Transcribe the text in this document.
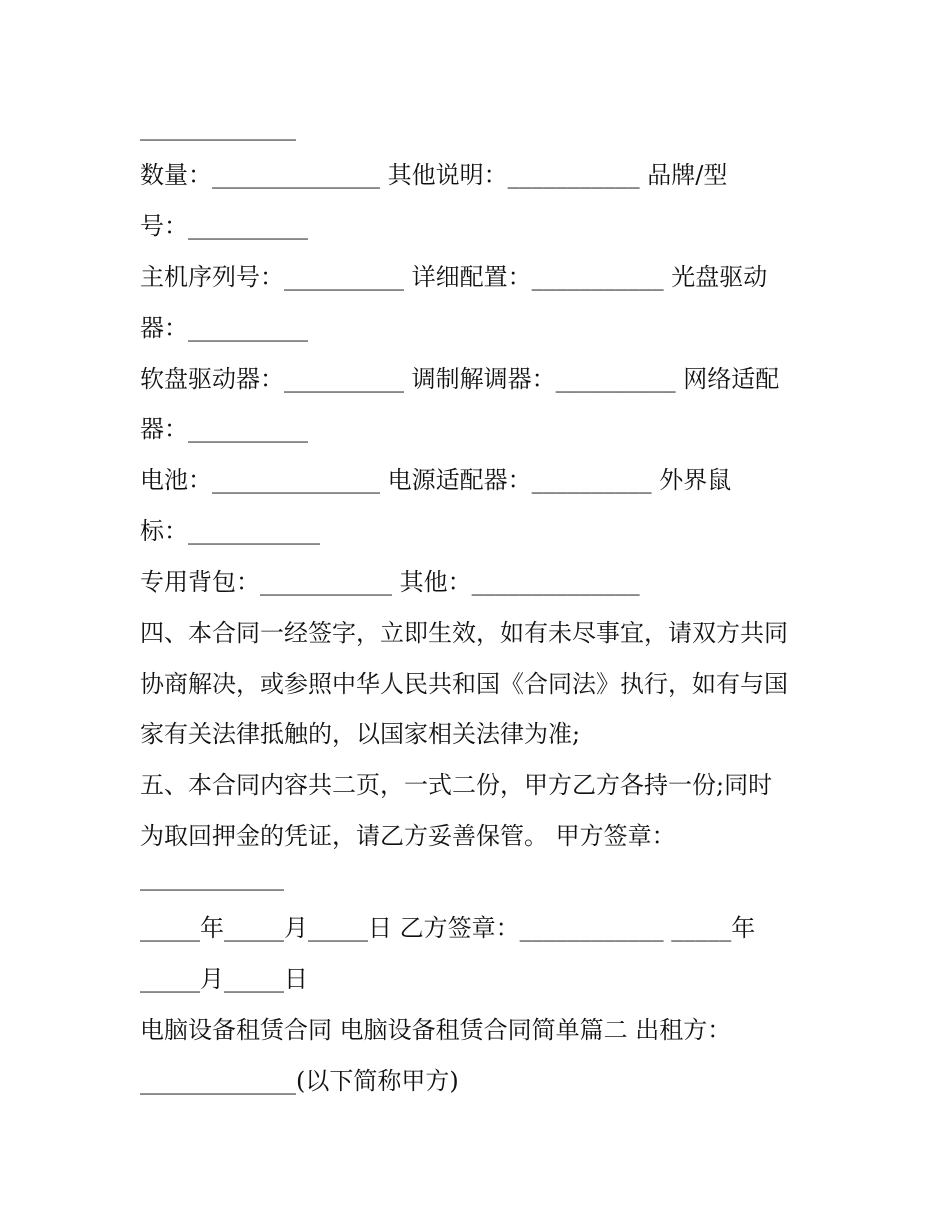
_____________
数量：______________ 其他说明：___________ 品牌/型
号：__________
主机序列号：__________ 详细配置：___________ 光盘驱动
器：__________
软盘驱动器：__________ 调制解调器：__________ 网络适配
器：__________
电池：______________ 电源适配器：__________ 外界鼠
标：___________
专用背包：___________ 其他：______________
四、本合同一经签字，立即生效，如有未尽事宜，请双方共同
协商解决，或参照中华人民共和国《合同法》执行，如有与国
家有关法律抵触的，以国家相关法律为准;
五、本合同内容共二页，一式二份，甲方乙方各持一份;同时
为取回押金的凭证，请乙方妥善保管。 甲方签章：
____________
_____年_____月_____日 乙方签章：____________ _____年
_____月_____日
电脑设备租赁合同 电脑设备租赁合同简单篇二 出租方：
_____________(以下简称甲方)
